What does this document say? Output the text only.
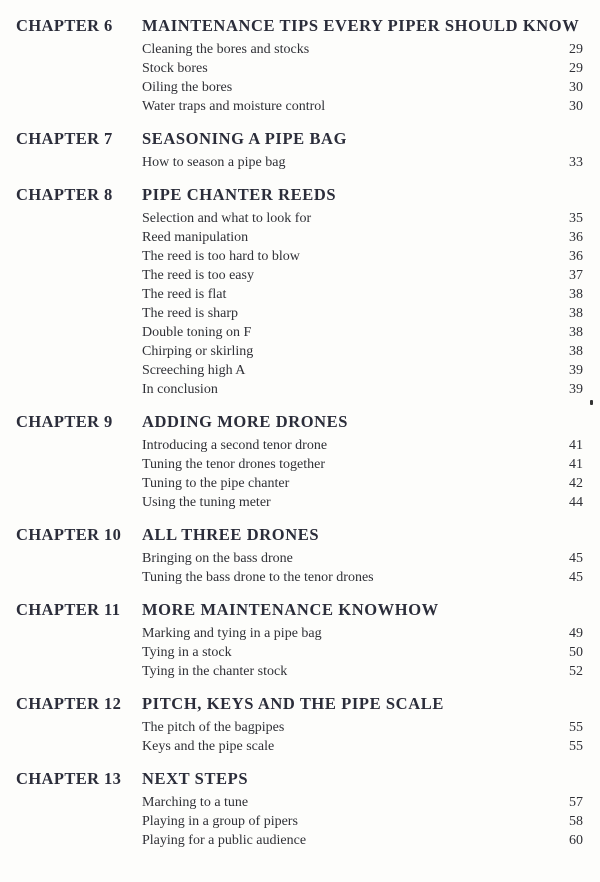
CHAPTER 6 MAINTENANCE TIPS EVERY PIPER SHOULD KNOW
Cleaning the bores and stocks	29
Stock bores	29
Oiling the bores	30
Water traps and moisture control	30
CHAPTER 7 SEASONING A PIPE BAG
How to season a pipe bag	33
CHAPTER 8 PIPE CHANTER REEDS
Selection and what to look for	35
Reed manipulation	36
The reed is too hard to blow	36
The reed is too easy	37
The reed is flat	38
The reed is sharp	38
Double toning on F	38
Chirping or skirling	38
Screeching high A	39
In conclusion	39
CHAPTER 9 ADDING MORE DRONES
Introducing a second tenor drone	41
Tuning the tenor drones together	41
Tuning to the pipe chanter	42
Using the tuning meter	44
CHAPTER 10 ALL THREE DRONES
Bringing on the bass drone	45
Tuning the bass drone to the tenor drones	45
CHAPTER 11 MORE MAINTENANCE KNOWHOW
Marking and tying in a pipe bag	49
Tying in a stock	50
Tying in the chanter stock	52
CHAPTER 12 PITCH, KEYS AND THE PIPE SCALE
The pitch of the bagpipes	55
Keys and the pipe scale	55
CHAPTER 13 NEXT STEPS
Marching to a tune	57
Playing in a group of pipers	58
Playing for a public audience	60
